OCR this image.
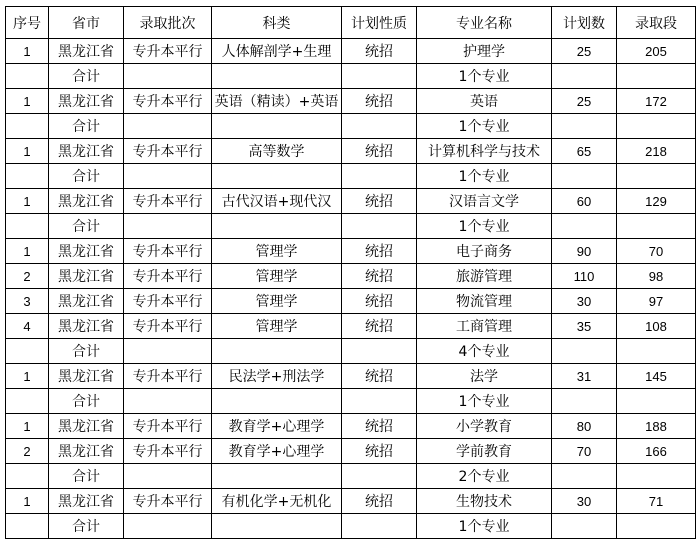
序号	省市	录取批次	科类	计划性质	专业名称	计划数	录取段
1	黑龙江省	专升本平行	人体解剖学+生理	统招	护理学	25	205
	合计				1个专业		
1	黑龙江省	专升本平行	英语（精读）+英语	统招	英语	25	172
	合计				1个专业		
1	黑龙江省	专升本平行	高等数学	统招	计算机科学与技术	65	218
	合计				1个专业		
1	黑龙江省	专升本平行	古代汉语+现代汉	统招	汉语言文学	60	129
	合计				1个专业		
1	黑龙江省	专升本平行	管理学	统招	电子商务	90	70
2	黑龙江省	专升本平行	管理学	统招	旅游管理	110	98
3	黑龙江省	专升本平行	管理学	统招	物流管理	30	97
4	黑龙江省	专升本平行	管理学	统招	工商管理	35	108
	合计				4个专业		
1	黑龙江省	专升本平行	民法学+刑法学	统招	法学	31	145
	合计				1个专业		
1	黑龙江省	专升本平行	教育学+心理学	统招	小学教育	80	188
2	黑龙江省	专升本平行	教育学+心理学	统招	学前教育	70	166
	合计				2个专业		
1	黑龙江省	专升本平行	有机化学+无机化	统招	生物技术	30	71
	合计				1个专业		
